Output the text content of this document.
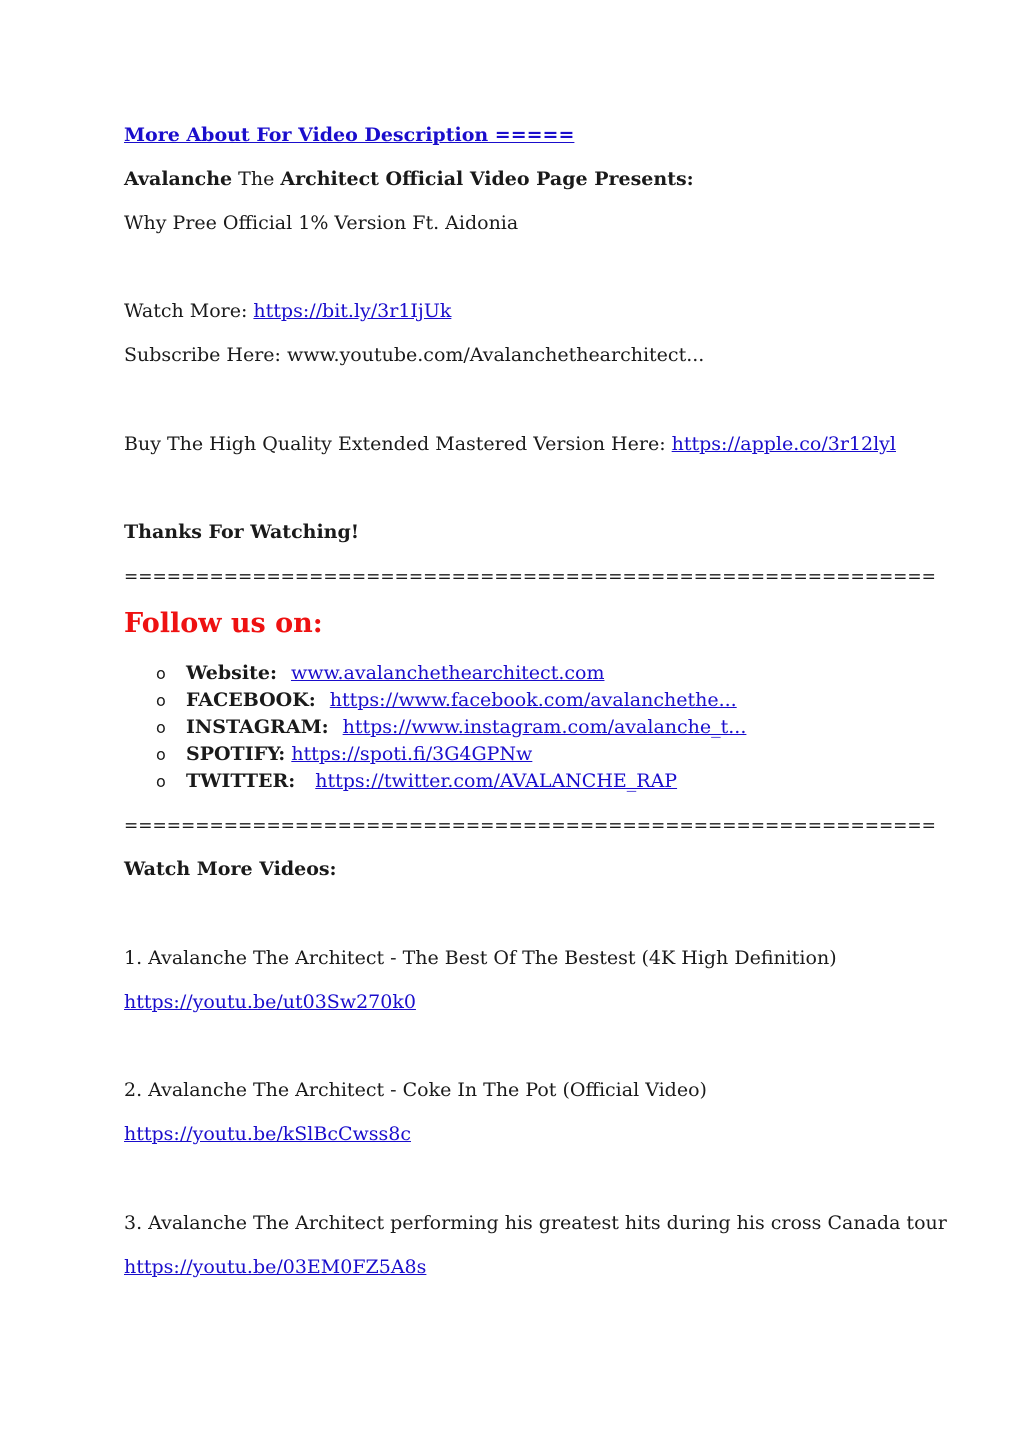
More About For Video Description =====
Avalanche The Architect Official Video Page Presents:
Why Pree Official 1% Version Ft. Aidonia
Watch More: https://bit.ly/3r1IjUk
Subscribe Here: www.youtube.com/Avalanchethearchitect...
Buy The High Quality Extended Mastered Version Here: https://apple.co/3r12lyl
Thanks For Watching!
=========================================================
Follow us on:
o	Website: www.avalanchethearchitect.com
o	FACEBOOK: https://www.facebook.com/avalanchethe...
o	INSTAGRAM: https://www.instagram.com/avalanche_t...
o	SPOTIFY: https://spoti.fi/3G4GPNw
o	TWITTER: https://twitter.com/AVALANCHE_RAP
=========================================================
Watch More Videos:
1. Avalanche The Architect - The Best Of The Bestest (4K High Definition)
https://youtu.be/ut03Sw270k0
2. Avalanche The Architect - Coke In The Pot (Official Video)
https://youtu.be/kSlBcCwss8c
3. Avalanche The Architect performing his greatest hits during his cross Canada tour
https://youtu.be/03EM0FZ5A8s
